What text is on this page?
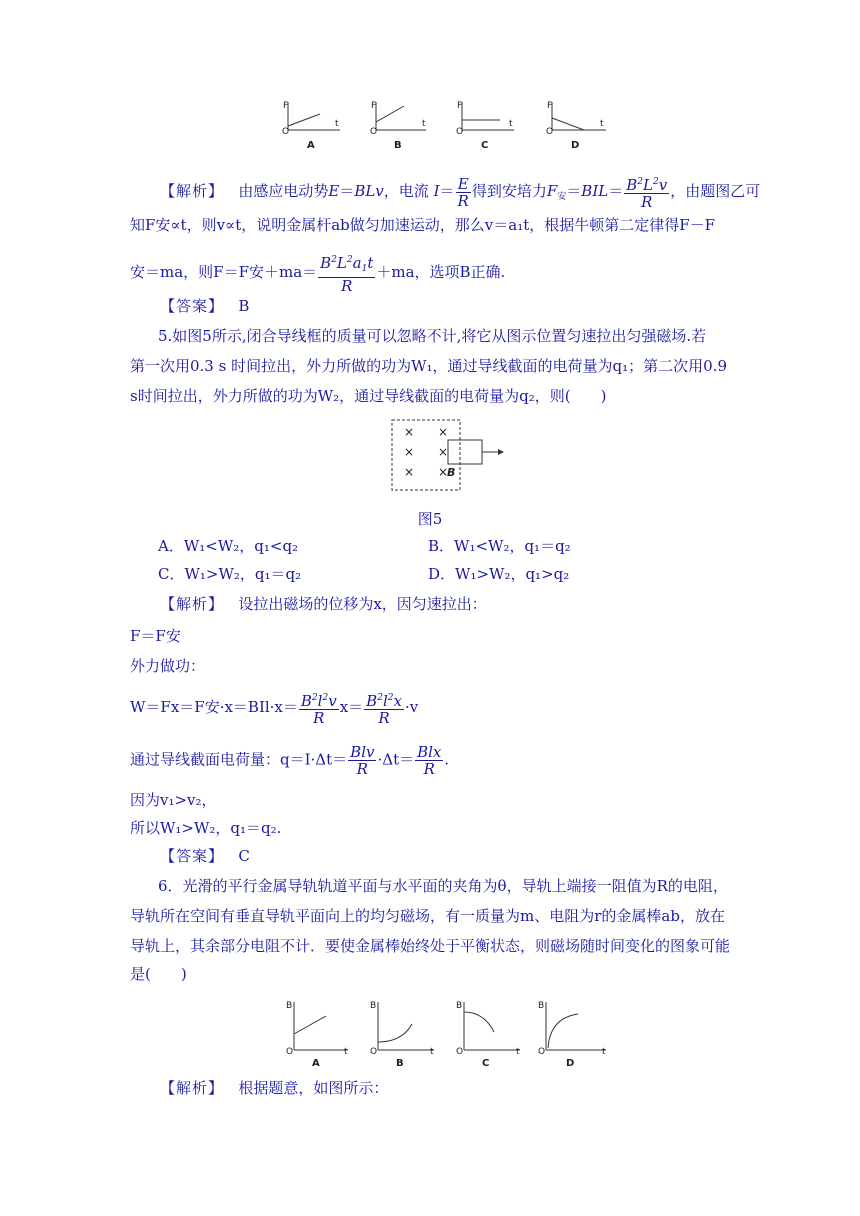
F
O
t
A
F
O
t
B
F
O
t
C
F
O
t
D
【解析】 由感应电动势E＝BLv，电流 $I= \frac{E}{R}$ 得到安培力$F_安=BIL= \frac{B^2L^2v}{R}$ ，由题图乙可
知F安∝t，则v∝t，说明金属杆ab做匀加速运动，那么v＝a₁t，根据牛顿第二定律得F－F
安＝ma，则F＝F安$+ma= \frac{B^2L^2a_1t}{R} +ma$，选项B正确.
【答案】 B
5.如图5所示,闭合导线框的质量可以忽略不计,将它从图示位置匀速拉出匀强磁场.若
第一次用0.3 s 时间拉出，外力所做的功为W₁，通过导线截面的电荷量为q₁；第二次用0.9
s时间拉出，外力所做的功为W₂，通过导线截面的电荷量为q₂，则(　　)
× ×
× ×
× ×
B
图5
A．W₁<W₂，q₁<q₂	B．W₁<W₂，q₁＝q₂
C．W₁>W₂，q₁＝q₂	D．W₁>W₂，q₁>q₂
【解析】 设拉出磁场的位移为x，因匀速拉出：
F＝F安
外力做功：
W＝Fx＝F安$\cdot x=BIl\cdot x= \frac{B^2l^2v}{R} x= \frac{B^2l^2x}{R} \cdot v$
通过导线截面电荷量：$q=I\cdot\Delta t= \frac{\text{Blv}}{R} \cdot\Delta t= \frac{\text{Blx}}{R}$ .
因为v₁>v₂，
所以W₁>W₂，q₁＝q₂.
【答案】 C
6．光滑的平行金属导轨轨道平面与水平面的夹角为θ，导轨上端接一阻值为R的电阻，
导轨所在空间有垂直导轨平面向上的均匀磁场，有一质量为m、电阻为r的金属棒ab，放在
导轨上，其余部分电阻不计．要使金属棒始终处于平衡状态，则磁场随时间变化的图象可能
是(　　)
B
O	t
A
B
O	t
B
B
O	t
C
B
O	t
D
【解析】 根据题意，如图所示：
